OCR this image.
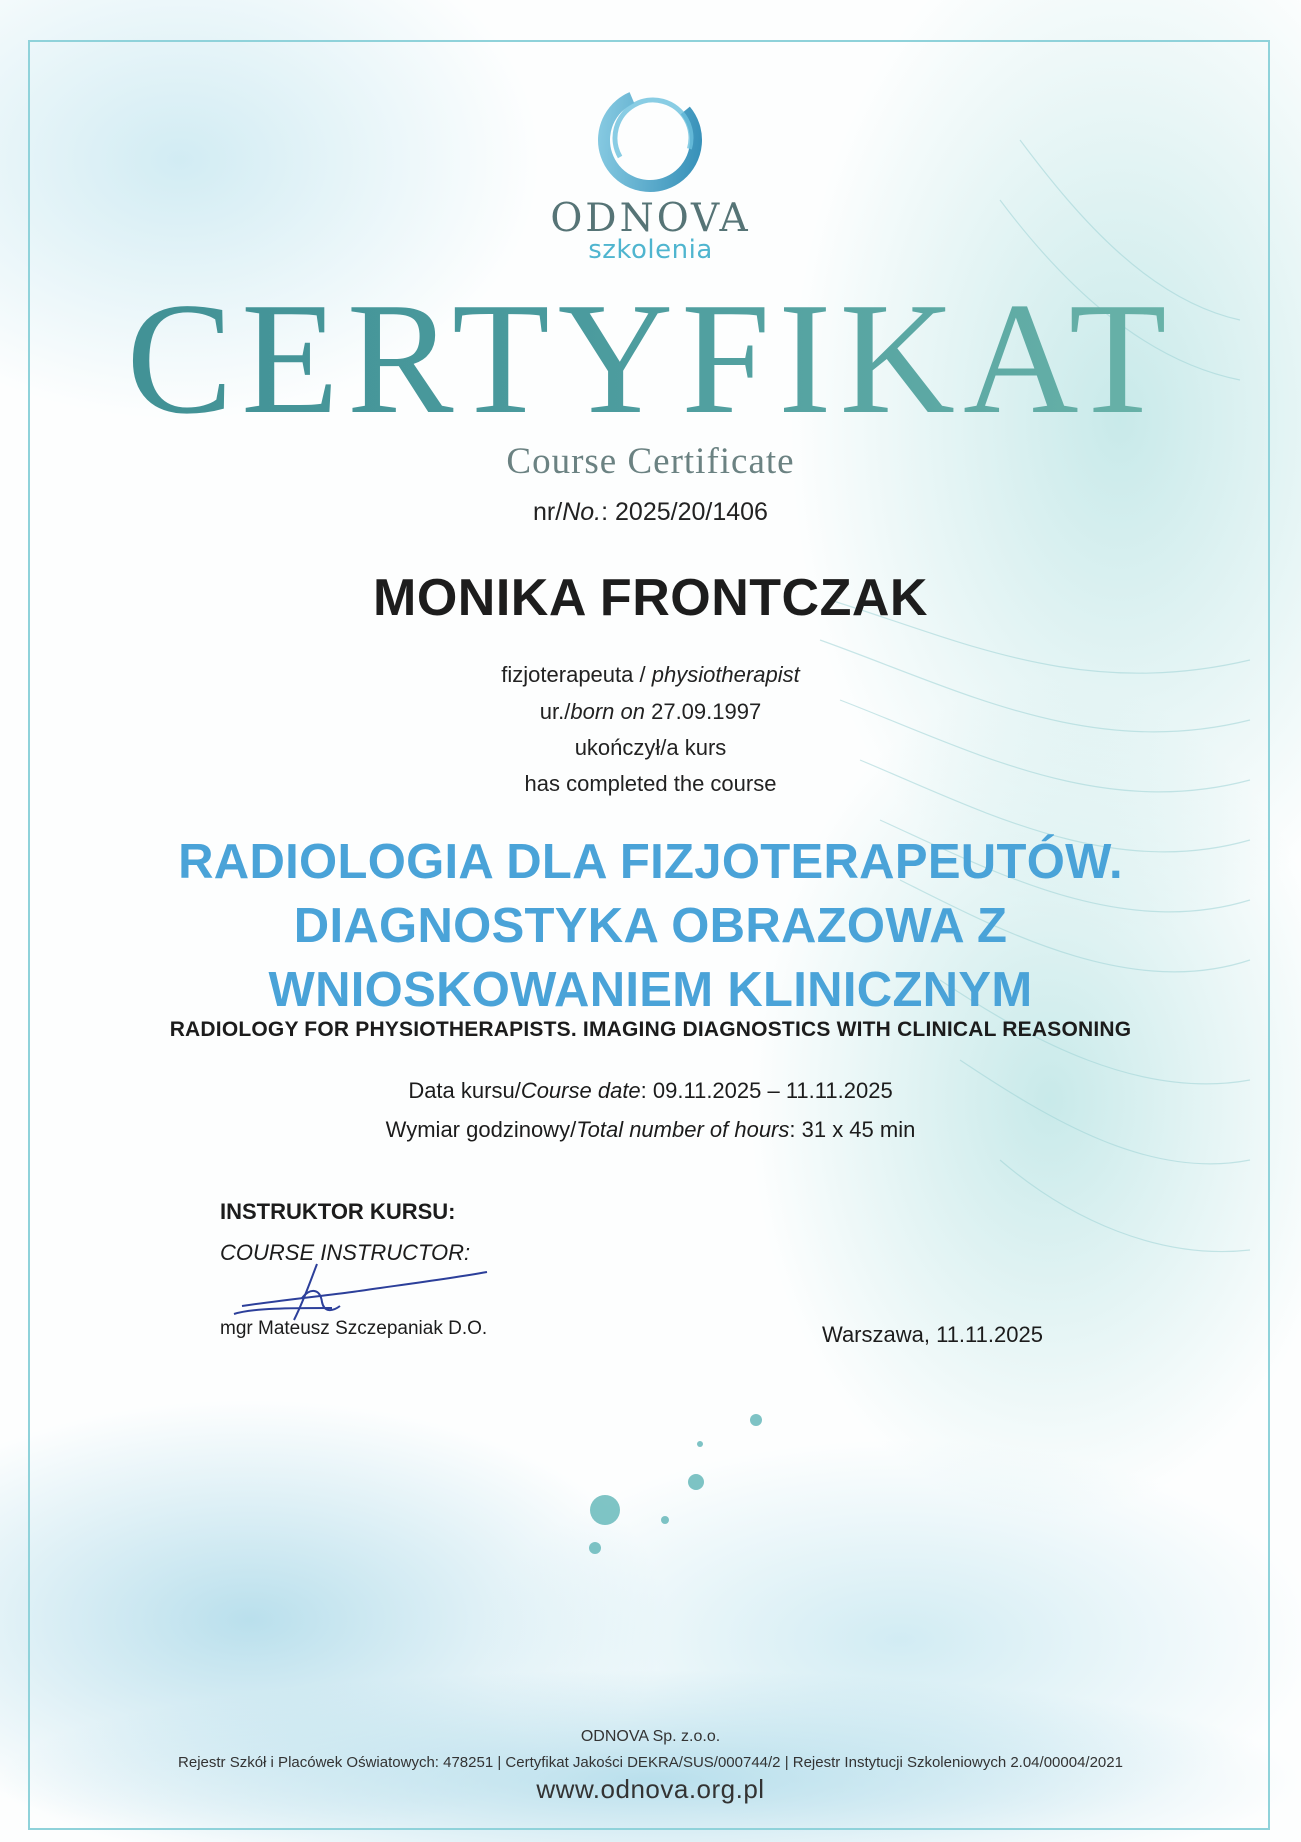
ODNOVA
szkolenia
CERTYFIKAT
Course Certificate
nr/No.: 2025/20/1406
MONIKA FRONTCZAK
fizjoterapeuta / physiotherapist
ur./born on 27.09.1997
ukończył/a kurs
has completed the course
RADIOLOGIA DLA FIZJOTERAPEUTÓW.
DIAGNOSTYKA OBRAZOWA Z
WNIOSKOWANIEM KLINICZNYM
RADIOLOGY FOR PHYSIOTHERAPISTS. IMAGING DIAGNOSTICS WITH CLINICAL REASONING
Data kursu/Course date: 09.11.2025 – 11.11.2025
Wymiar godzinowy/Total number of hours: 31 x 45 min
INSTRUKTOR KURSU:
COURSE INSTRUCTOR:
mgr Mateusz Szczepaniak D.O.	Warszawa, 11.11.2025
ODNOVA Sp. z.o.o.
Rejestr Szkół i Placówek Oświatowych: 478251 | Certyfikat Jakości DEKRA/SUS/000744/2 | Rejestr Instytucji Szkoleniowych 2.04/00004/2021
www.odnova.org.pl
